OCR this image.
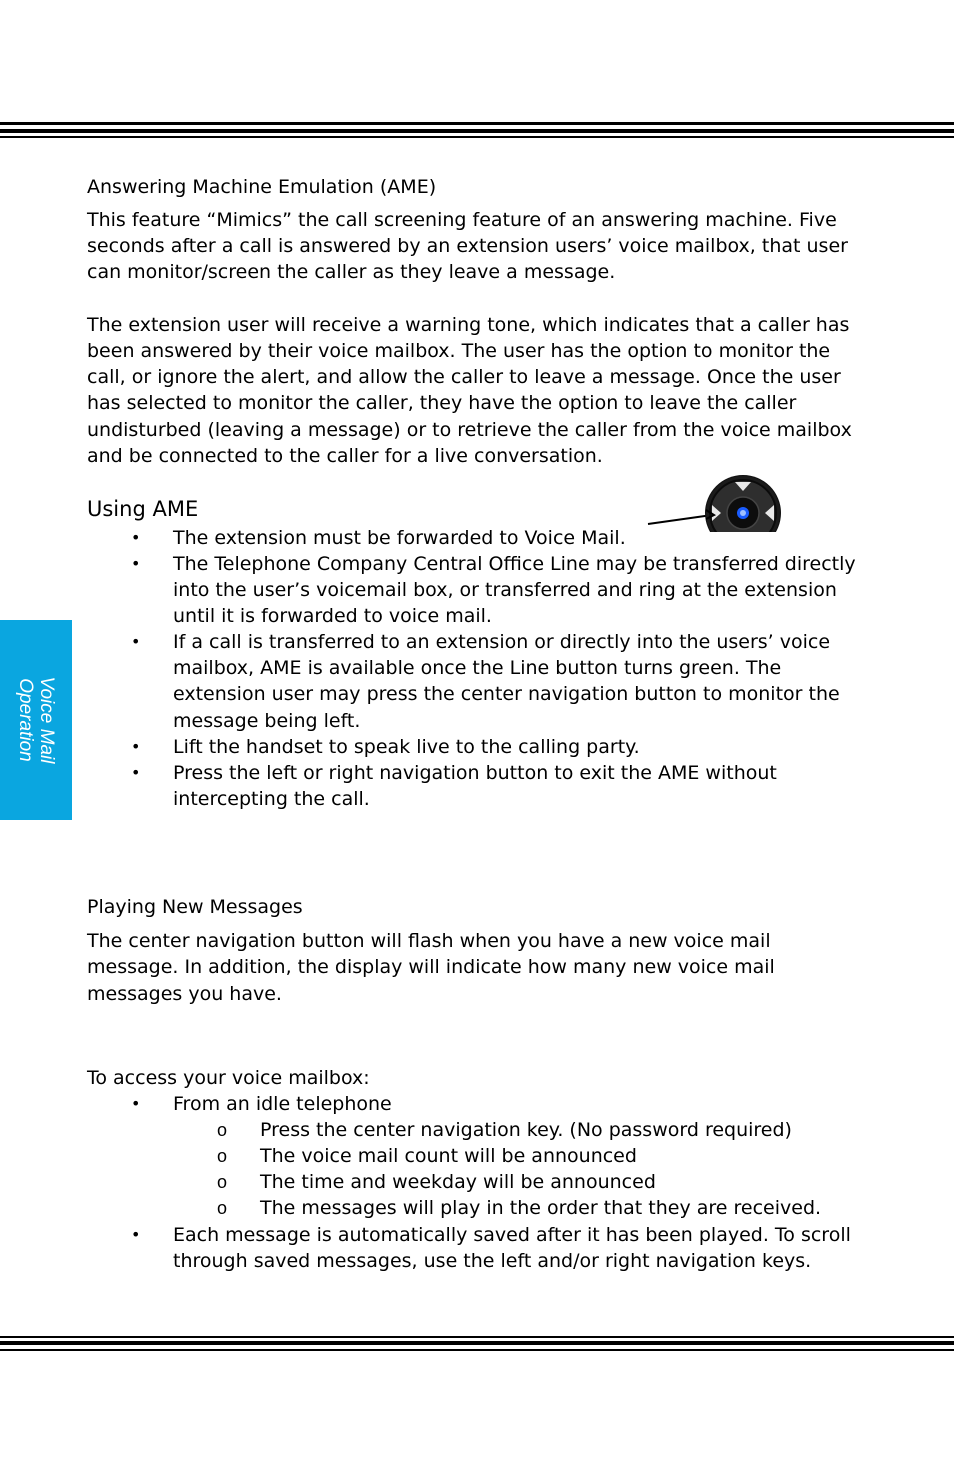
Voice Mail
Operation
Answering Machine Emulation (AME)
This feature “Mimics” the call screening feature of an answering machine. Five
seconds after a call is answered by an extension users’ voice mailbox, that user
can monitor/screen the caller as they leave a message.
The extension user will receive a warning tone, which indicates that a caller has
been answered by their voice mailbox. The user has the option to monitor the
call, or ignore the alert, and allow the caller to leave a message. Once the user
has selected to monitor the caller, they have the option to leave the caller
undisturbed (leaving a message) or to retrieve the caller from the voice mailbox
and be connected to the caller for a live conversation.
Using AME
• The extension must be forwarded to Voice Mail.
• The Telephone Company Central Office Line may be transferred directly
into the user’s voicemail box, or transferred and ring at the extension
until it is forwarded to voice mail.
• If a call is transferred to an extension or directly into the users’ voice
mailbox, AME is available once the Line button turns green. The
extension user may press the center navigation button to monitor the
message being left.
• Lift the handset to speak live to the calling party.
• Press the left or right navigation button to exit the AME without
intercepting the call.
Playing New Messages
The center navigation button will flash when you have a new voice mail
message. In addition, the display will indicate how many new voice mail
messages you have.
To access your voice mailbox:
• From an idle telephone
o Press the center navigation key. (No password required)
o The voice mail count will be announced
o The time and weekday will be announced
o The messages will play in the order that they are received.
• Each message is automatically saved after it has been played. To scroll
through saved messages, use the left and/or right navigation keys.
